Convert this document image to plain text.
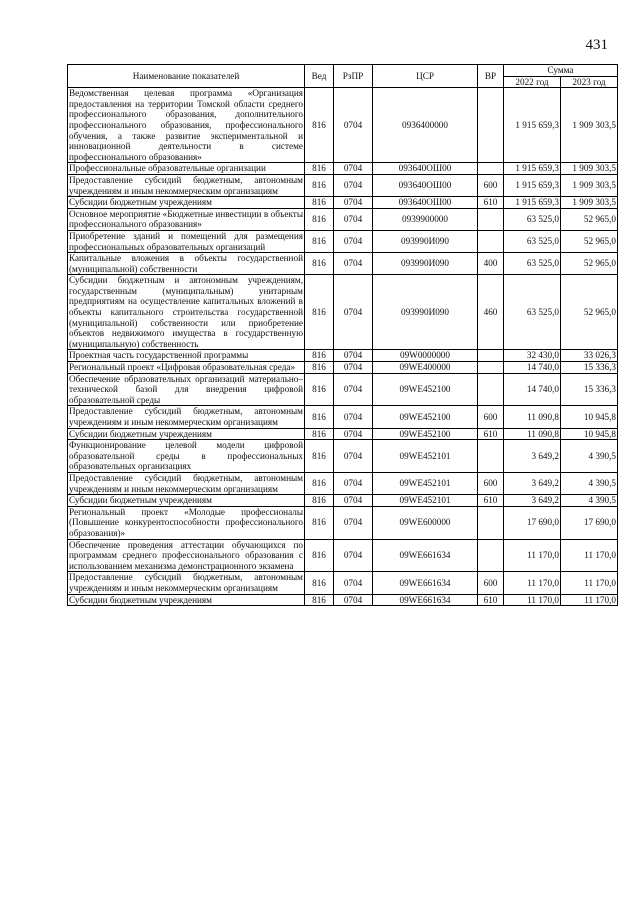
431
Наименование показателей	Вед	РзПР	ЦСР	ВР	Сумма	
					2022 год	2023 год
Ведомственная целевая программа «Организация предоставления на территории Томской области среднего профессионального образования, дополнительного профессионального образования, профессионального обучения, а также развитие экспериментальной и инновационной деятельности в системе профессионального образования»	816	0704	0936400000		1 915 659,3	1 909 303,5
Профессиональные образовательные организации	816	0704	093640ОШ00		1 915 659,3	1 909 303,5
Предоставление субсидий бюджетным, автономным учреждениям и иным некоммерческим организациям	816	0704	093640ОШ00	600	1 915 659,3	1 909 303,5
Субсидии бюджетным учреждениям	816	0704	093640ОШ00	610	1 915 659,3	1 909 303,5
Основное мероприятие «Бюджетные инвестиции в объекты профессионального образования»	816	0704	0939900000		63 525,0	52 965,0
Приобретение зданий и помещений для размещения профессиональных образовательных организаций	816	0704	093990И090		63 525,0	52 965,0
Капитальные вложения в объекты государственной (муниципальной) собственности	816	0704	093990И090	400	63 525,0	52 965,0
Субсидии бюджетным и автономным учреждениям, государственным (муниципальным) унитарным предприятиям на осуществление капитальных вложений в объекты капитального строительства государственной (муниципальной) собственности или приобретение объектов недвижимого имущества в государственную (муниципальную) собственность	816	0704	093990И090	460	63 525,0	52 965,0
Проектная часть государственной программы	816	0704	09W0000000		32 430,0	33 026,3
Региональный проект «Цифровая образовательная среда»	816	0704	09WE400000		14 740,0	15 336,3
Обеспечение образовательных организаций материально–технической базой для внедрения цифровой образовательной среды	816	0704	09WE452100		14 740,0	15 336,3
Предоставление субсидий бюджетным, автономным учреждениям и иным некоммерческим организациям	816	0704	09WE452100	600	11 090,8	10 945,8
Субсидии бюджетным учреждениям	816	0704	09WE452100	610	11 090,8	10 945,8
Функционирование целевой модели цифровой образовательной среды в профессиональных образовательных организациях	816	0704	09WE452101		3 649,2	4 390,5
Предоставление субсидий бюджетным, автономным учреждениям и иным некоммерческим организациям	816	0704	09WE452101	600	3 649,2	4 390,5
Субсидии бюджетным учреждениям	816	0704	09WE452101	610	3 649,2	4 390,5
Региональный проект «Молодые профессионалы (Повышение конкурентоспособности профессионального образования)»	816	0704	09WE600000		17 690,0	17 690,0
Обеспечение проведения аттестации обучающихся по программам среднего профессионального образования с использованием механизма демонстрационного экзамена	816	0704	09WE661634		11 170,0	11 170,0
Предоставление субсидий бюджетным, автономным учреждениям и иным некоммерческим организациям	816	0704	09WE661634	600	11 170,0	11 170,0
Субсидии бюджетным учреждениям	816	0704	09WE661634	610	11 170,0	11 170,0
